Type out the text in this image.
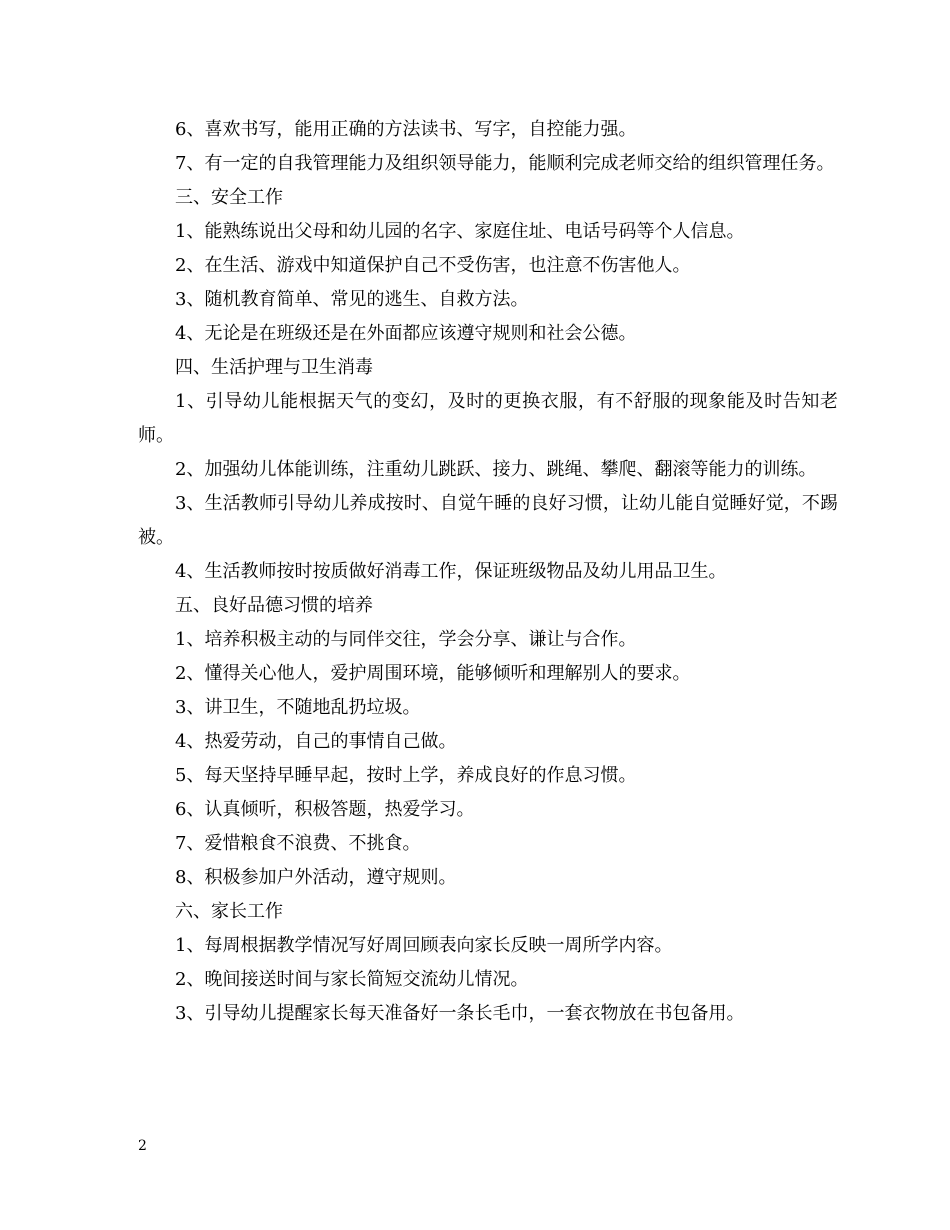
6、喜欢书写，能用正确的方法读书、写字，自控能力强。

7、有一定的自我管理能力及组织领导能力，能顺利完成老师交给的组织管理任务。

三、安全工作

1、能熟练说出父母和幼儿园的名字、家庭住址、电话号码等个人信息。

2、在生活、游戏中知道保护自己不受伤害，也注意不伤害他人。

3、随机教育简单、常见的逃生、自救方法。

4、无论是在班级还是在外面都应该遵守规则和社会公德。

四、生活护理与卫生消毒

1、引导幼儿能根据天气的变幻，及时的更换衣服，有不舒服的现象能及时告知老师。

2、加强幼儿体能训练，注重幼儿跳跃、接力、跳绳、攀爬、翻滚等能力的训练。

3、生活教师引导幼儿养成按时、自觉午睡的良好习惯，让幼儿能自觉睡好觉，不踢被。

4、生活教师按时按质做好消毒工作，保证班级物品及幼儿用品卫生。

五、良好品德习惯的培养

1、培养积极主动的与同伴交往，学会分享、谦让与合作。

2、懂得关心他人，爱护周围环境，能够倾听和理解别人的要求。

3、讲卫生，不随地乱扔垃圾。

4、热爱劳动，自己的事情自己做。

5、每天坚持早睡早起，按时上学，养成良好的作息习惯。

6、认真倾听，积极答题，热爱学习。

7、爱惜粮食不浪费、不挑食。

8、积极参加户外活动，遵守规则。

六、家长工作

1、每周根据教学情况写好周回顾表向家长反映一周所学内容。

2、晚间接送时间与家长简短交流幼儿情况。

3、引导幼儿提醒家长每天准备好一条长毛巾，一套衣物放在书包备用。

2
